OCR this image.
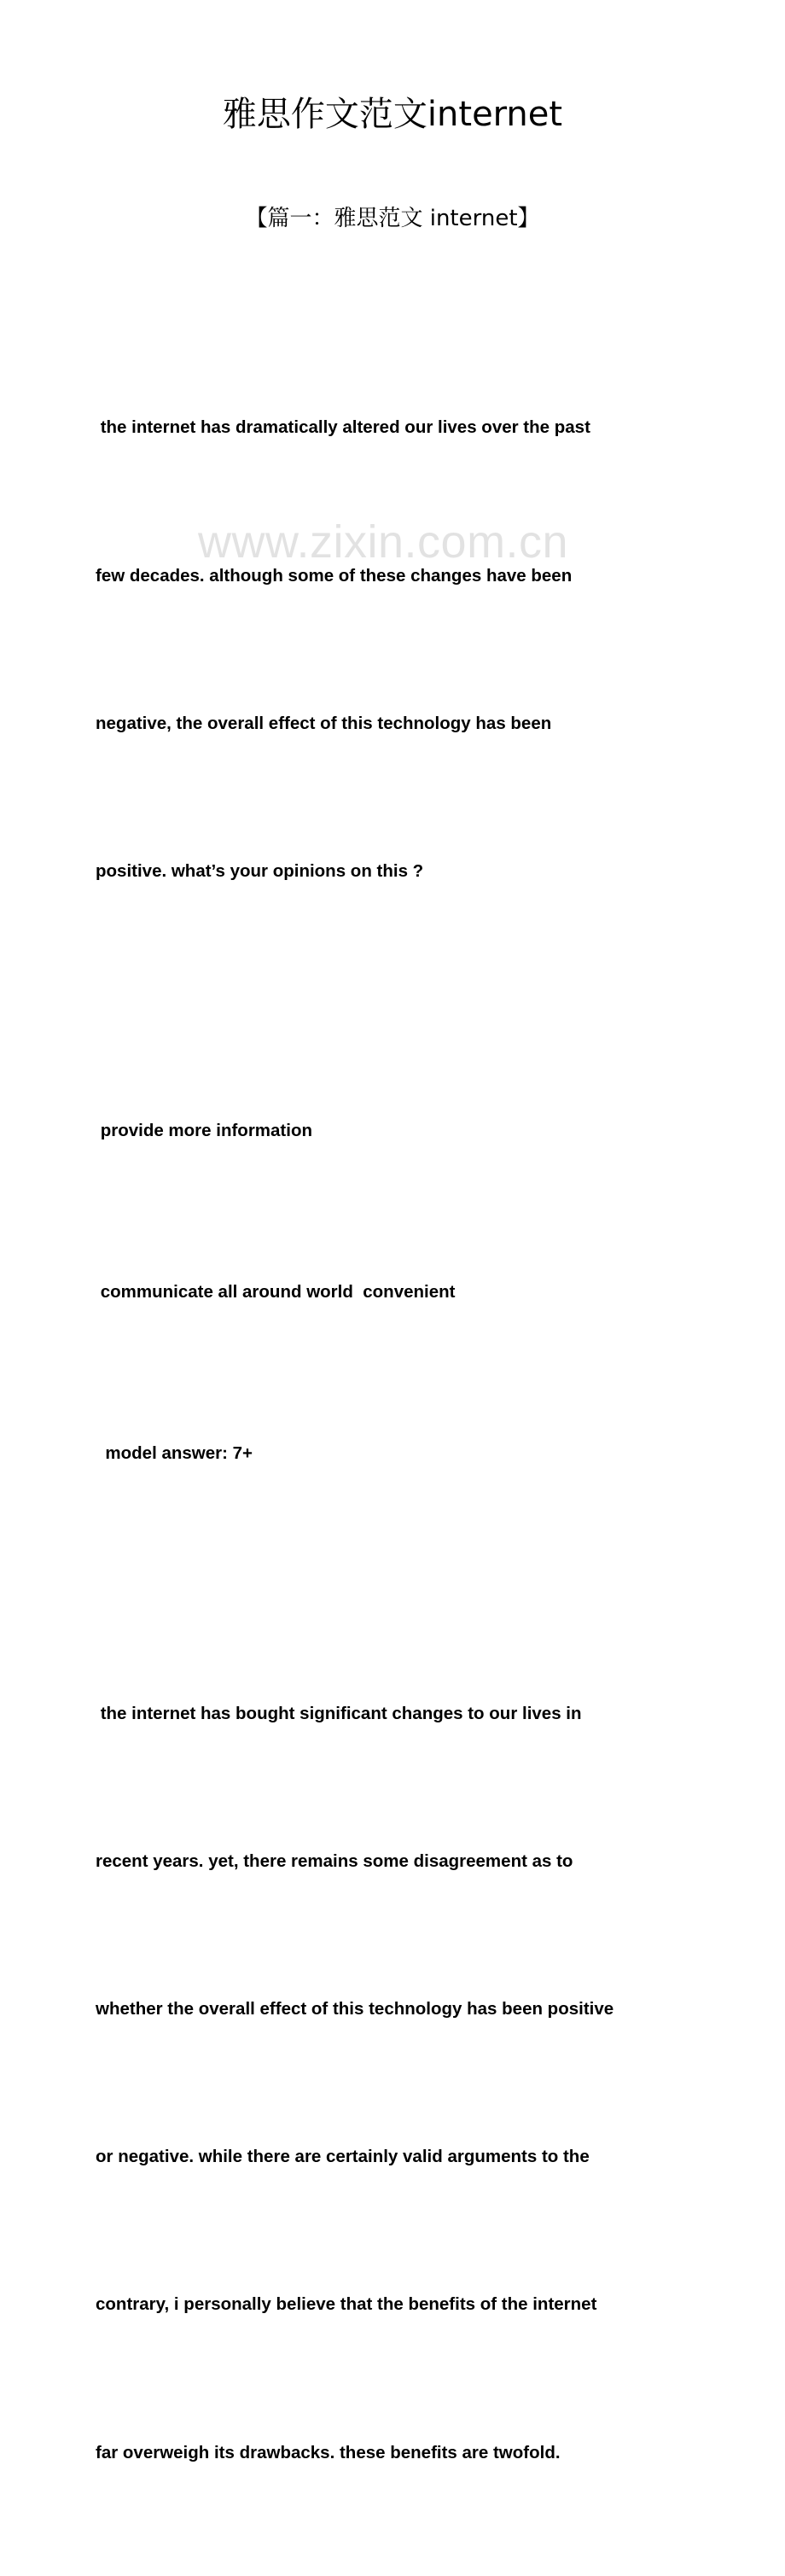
雅思作文范文internet
【篇一：雅思范文 internet】

the internet has dramatically altered our lives over the past

few decades. although some of these changes have been

negative, the overall effect of this technology has been

positive. what’s your opinions on this ?

provide more information

communicate all around world  convenient

model answer: 7+

the internet has bought significant changes to our lives in

recent years. yet, there remains some disagreement as to

whether the overall effect of this technology has been positive

or negative. while there are certainly valid arguments to the

contrary, i personally believe that the benefits of the internet

far overweigh its drawbacks. these benefits are twofold.

www.zixin.com.cn
